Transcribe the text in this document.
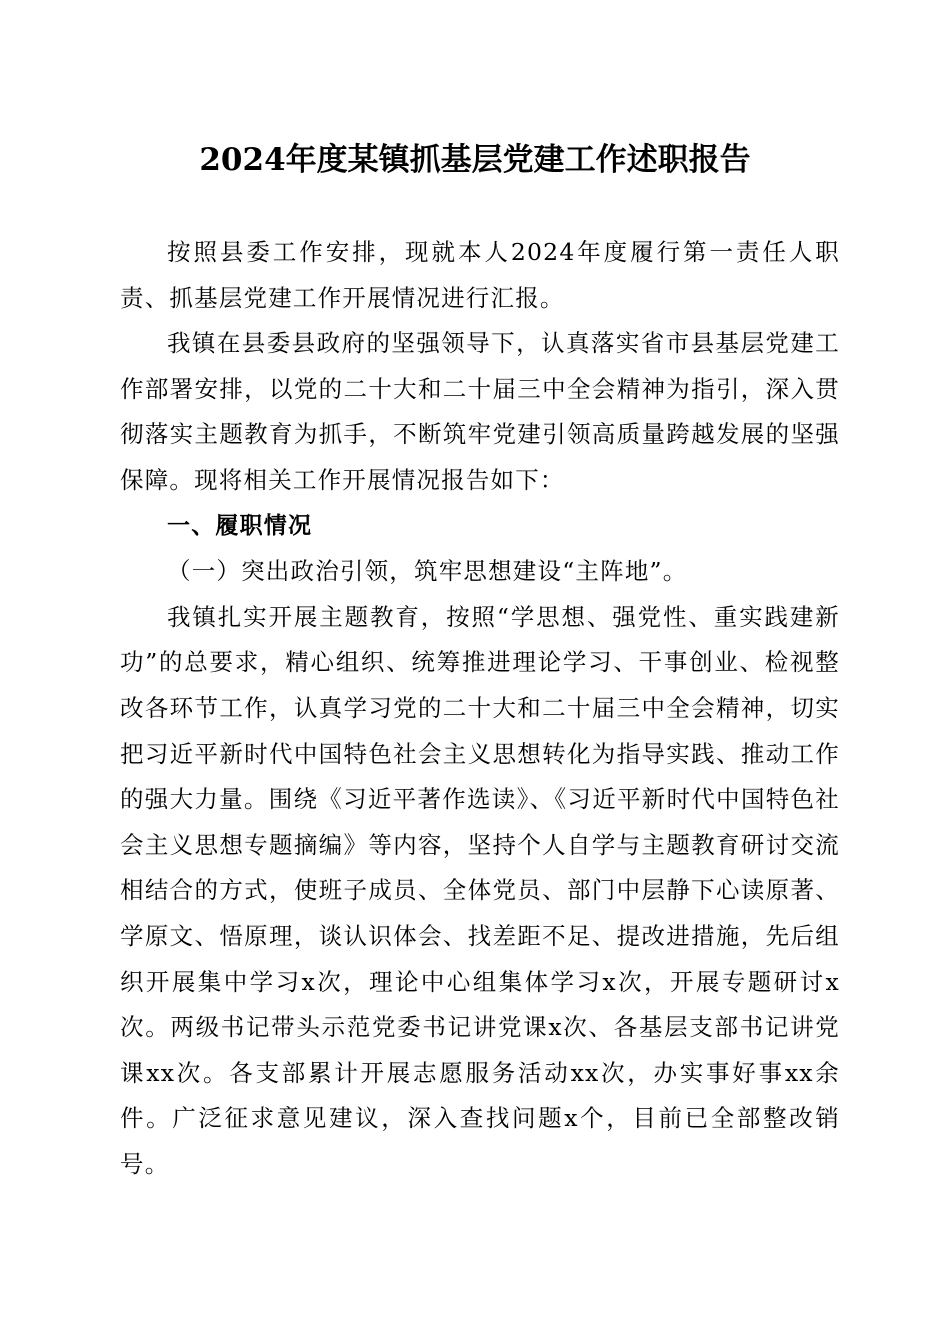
2024年度某镇抓基层党建工作述职报告

按照县委工作安排，现就本人2024年度履行第一责任人职责、抓基层党建工作开展情况进行汇报。

我镇在县委县政府的坚强领导下，认真落实省市县基层党建工作部署安排，以党的二十大和二十届三中全会精神为指引，深入贯彻落实主题教育为抓手，不断筑牢党建引领高质量跨越发展的坚强保障。现将相关工作开展情况报告如下：

一、履职情况

（一）突出政治引领，筑牢思想建设“主阵地”。

我镇扎实开展主题教育，按照“学思想、强党性、重实践建新功”的总要求，精心组织、统筹推进理论学习、干事创业、检视整改各环节工作，认真学习党的二十大和二十届三中全会精神，切实把习近平新时代中国特色社会主义思想转化为指导实践、推动工作的强大力量。围绕《习近平著作选读》、《习近平新时代中国特色社会主义思想专题摘编》等内容，坚持个人自学与主题教育研讨交流相结合的方式，使班子成员、全体党员、部门中层静下心读原著、学原文、悟原理，谈认识体会、找差距不足、提改进措施，先后组织开展集中学习x次，理论中心组集体学习x次，开展专题研讨x次。两级书记带头示范党委书记讲党课x次、各基层支部书记讲党课xx次。各支部累计开展志愿服务活动xx次，办实事好事xx余件。广泛征求意见建议，深入查找问题x个，目前已全部整改销号。
